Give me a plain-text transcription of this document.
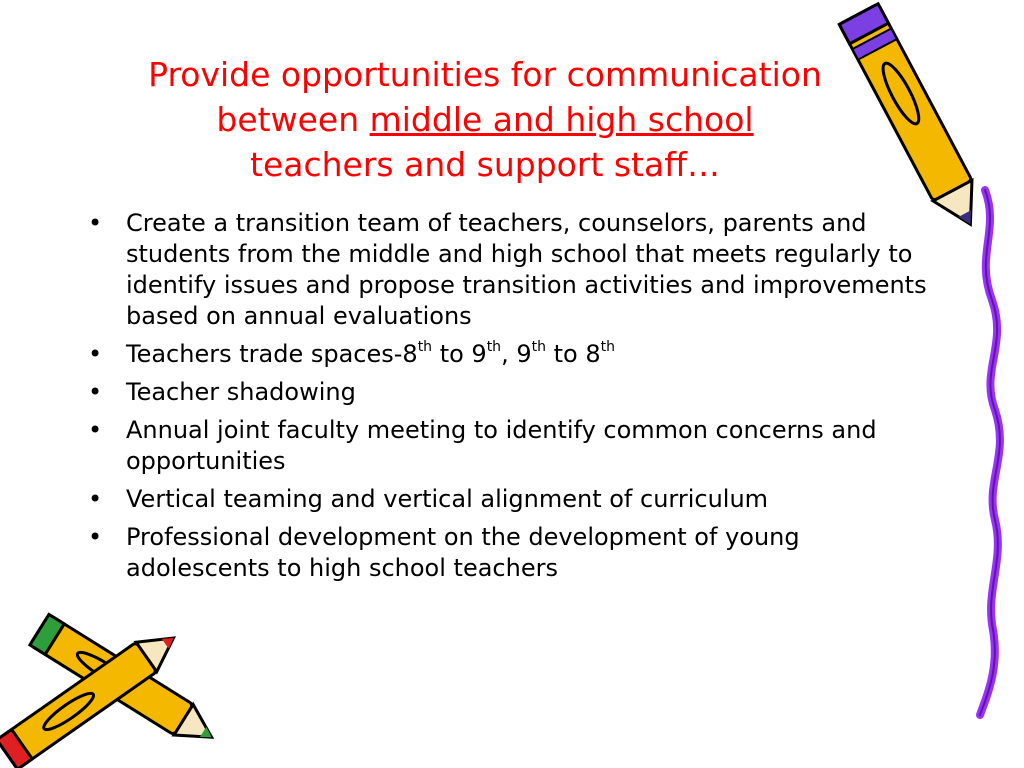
Provide opportunities for communication
between middle and high school
teachers and support staff…
• Create a transition team of teachers, counselors, parents and students from the middle and high school that meets regularly to identify issues and propose transition activities and improvements based on annual evaluations
• Teachers trade spaces-8th to 9th, 9th to 8th
• Teacher shadowing
• Annual joint faculty meeting to identify common concerns and opportunities
• Vertical teaming and vertical alignment of curriculum
• Professional development on the development of young adolescents to high school teachers
